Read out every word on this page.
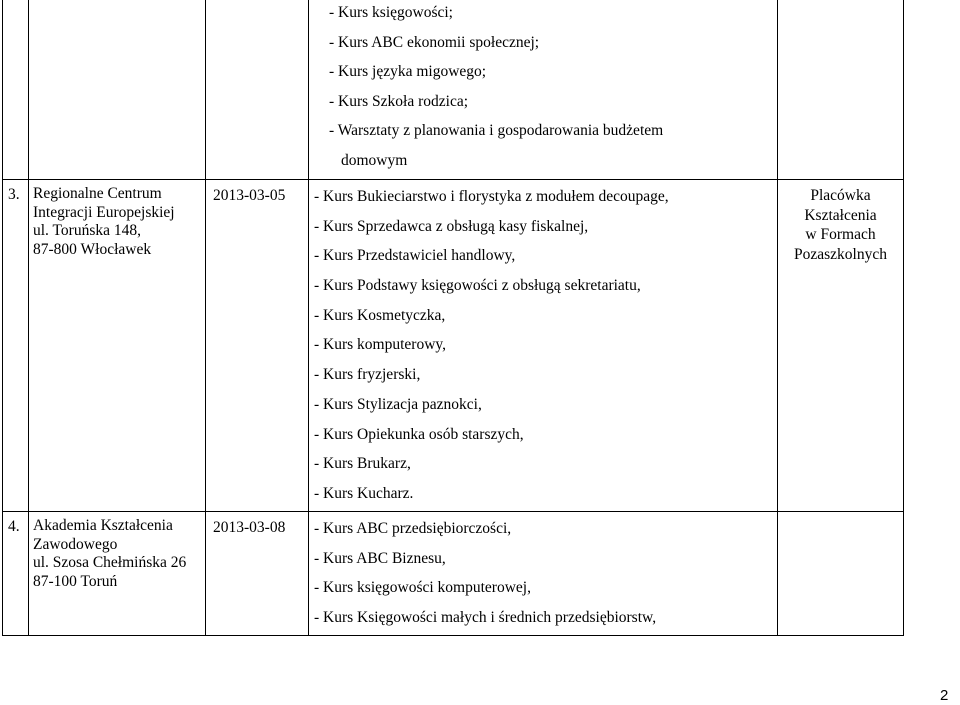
- Kurs księgowości;
- Kurs ABC ekonomii społecznej;
- Kurs języka migowego;
- Kurs Szkoła rodzica;
- Warsztaty z planowania i gospodarowania budżetem
domowym
3. Regionalne Centrum
Integracji Europejskiej
ul. Toruńska 148,
87-800 Włocławek
2013-03-05 - Kurs Bukieciarstwo i florystyka z modułem decoupage,
- Kurs Sprzedawca z obsługą kasy fiskalnej,
- Kurs Przedstawiciel handlowy,
- Kurs Podstawy księgowości z obsługą sekretariatu,
- Kurs Kosmetyczka,
- Kurs komputerowy,
- Kurs fryzjerski,
- Kurs Stylizacja paznokci,
- Kurs Opiekunka osób starszych,
- Kurs Brukarz,
- Kurs Kucharz.
Placówka
Kształcenia
w Formach
Pozaszkolnych
4. Akademia Kształcenia
Zawodowego
ul. Szosa Chełmińska 26
87-100 Toruń
2013-03-08 - Kurs ABC przedsiębiorczości,
- Kurs ABC Biznesu,
- Kurs księgowości komputerowej,
- Kurs Księgowości małych i średnich przedsiębiorstw,
2
